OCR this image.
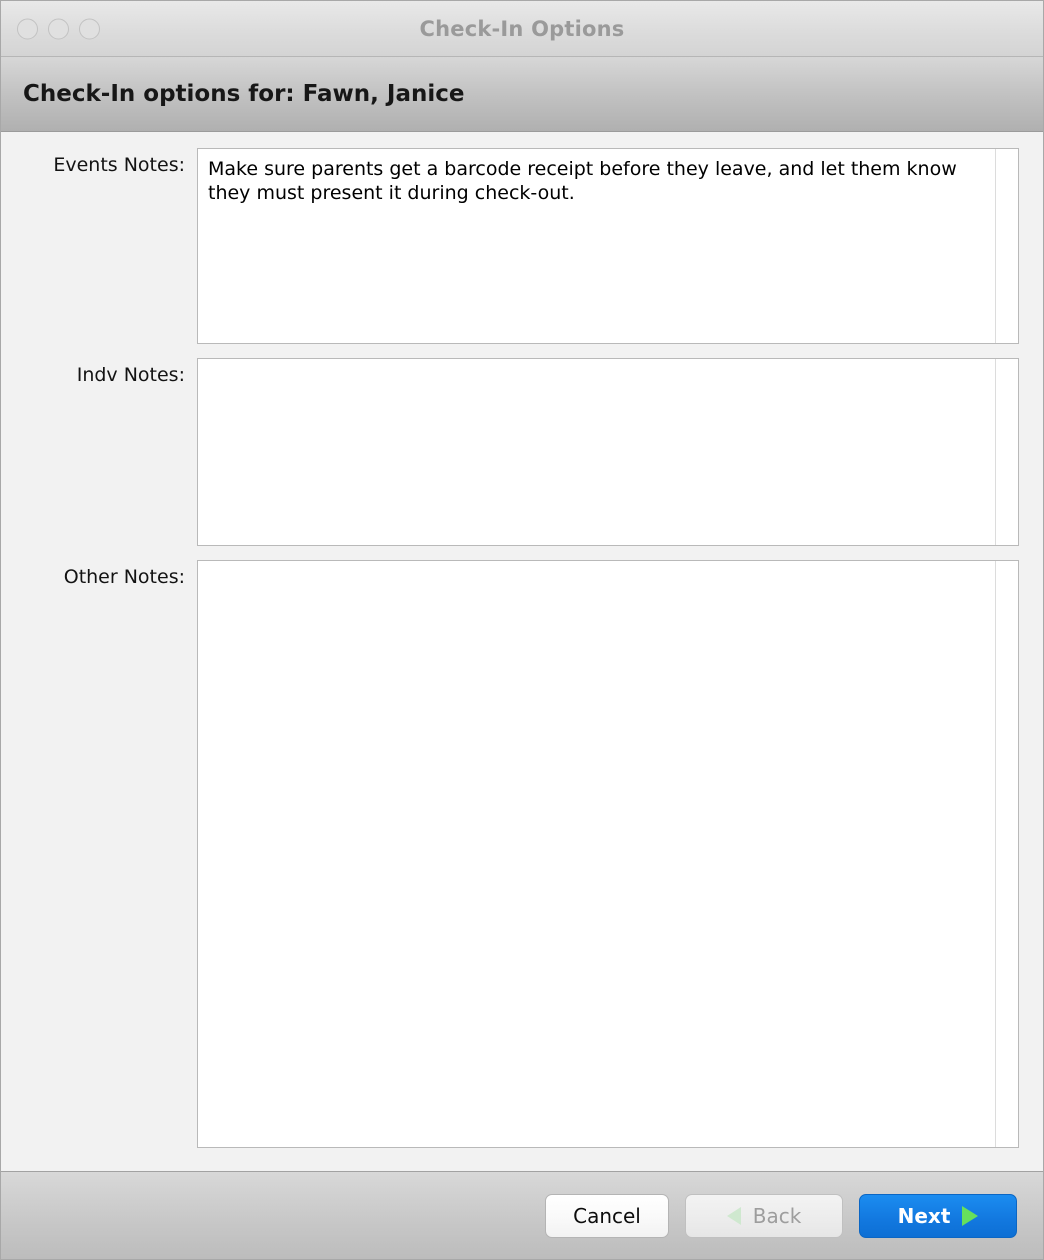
Check-In Options
Check-In options for: Fawn, Janice
Events Notes:	Make sure parents get a barcode receipt before they leave, and let them know they must present it during check-out.
Indv Notes:
Other Notes:
Cancel	Back	Next
